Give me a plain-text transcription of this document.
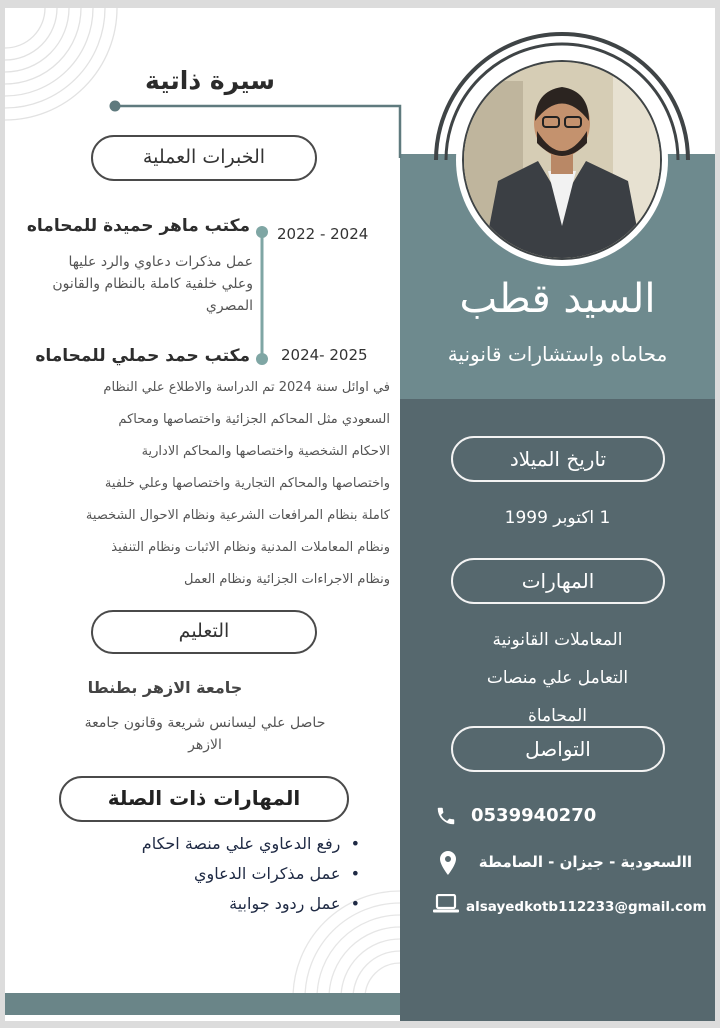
سيرة ذاتية
السيد قطب
محاماه واستشارات قانونية
الخبرات العملية
مكتب ماهر حميدة للمحاماه 2022 - 2024
عمل مذكرات دعاوي والرد عليها
وعلي خلفية كاملة بالنظام والقانون
المصري
مكتب حمد حملي للمحاماه 2024- 2025
في اوائل سنة 2024 تم الدراسة والاطلاع علي النظام
السعودي مثل المحاكم الجزائية واختصاصها ومحاكم
الاحكام الشخصية واختصاصها والمحاكم الادارية
واختصاصها والمحاكم التجارية واختصاصها وعلي خلفية
كاملة بنظام المرافعات الشرعية ونظام الاحوال الشخصية
ونظام المعاملات المدنية ونظام الاثبات ونظام التنفيذ
ونظام الاجراءات الجزائية ونظام العمل
التعليم
جامعة الازهر بطنطا
حاصل علي ليسانس شريعة وقانون جامعة
الازهر
المهارات ذات الصلة
•  رفع الدعاوي علي منصة احكام
•  عمل مذكرات الدعاوي
•  عمل ردود جوابية
تاريخ الميلاد
1 اكتوبر 1999
المهارات
المعاملات القانونية
التعامل علي منصات
المحاماة
التواصل
0539940270
االسعودية - جيزان - الصامطة
alsayedkotb112233@gmail.com
